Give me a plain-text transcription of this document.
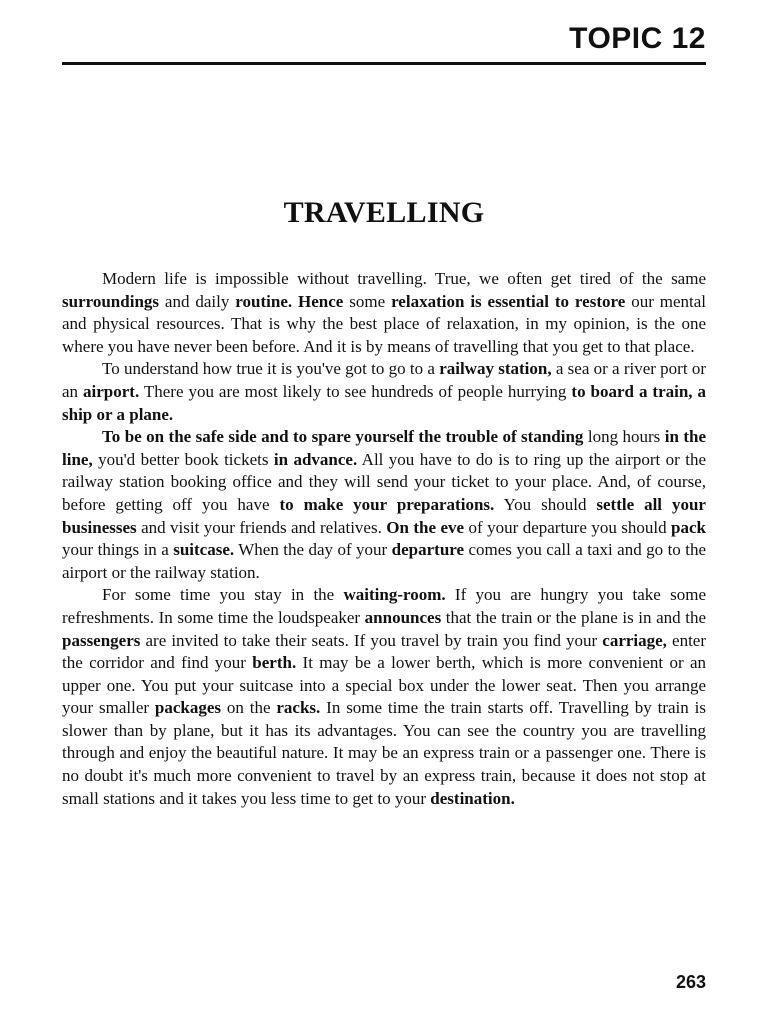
TOPIC 12
TRAVELLING

Modern life is impossible without travelling. True, we often get tired of the same surroundings and daily routine. Hence some relaxation is essential to restore our mental and physical resources. That is why the best place of relaxation, in my opinion, is the one where you have never been before. And it is by means of travelling that you get to that place.

To understand how true it is you've got to go to a railway station, a sea or a river port or an airport. There you are most likely to see hundreds of people hurrying to board a train, a ship or a plane.

To be on the safe side and to spare yourself the trouble of standing long hours in the line, you'd better book tickets in advance. All you have to do is to ring up the airport or the railway station booking office and they will send your ticket to your place. And, of course, before getting off you have to make your preparations. You should settle all your businesses and visit your friends and relatives. On the eve of your departure you should pack your things in a suitcase. When the day of your departure comes you call a taxi and go to the airport or the railway station.

For some time you stay in the waiting-room. If you are hungry you take some refreshments. In some time the loudspeaker announces that the train or the plane is in and the passengers are invited to take their seats. If you travel by train you find your carriage, enter the corridor and find your berth. It may be a lower berth, which is more convenient or an upper one. You put your suitcase into a special box under the lower seat. Then you arrange your smaller packages on the racks. In some time the train starts off. Travelling by train is slower than by plane, but it has its advantages. You can see the country you are travelling through and enjoy the beautiful nature. It may be an express train or a passenger one. There is no doubt it's much more convenient to travel by an express train, because it does not stop at small stations and it takes you less time to get to your destination.

263
